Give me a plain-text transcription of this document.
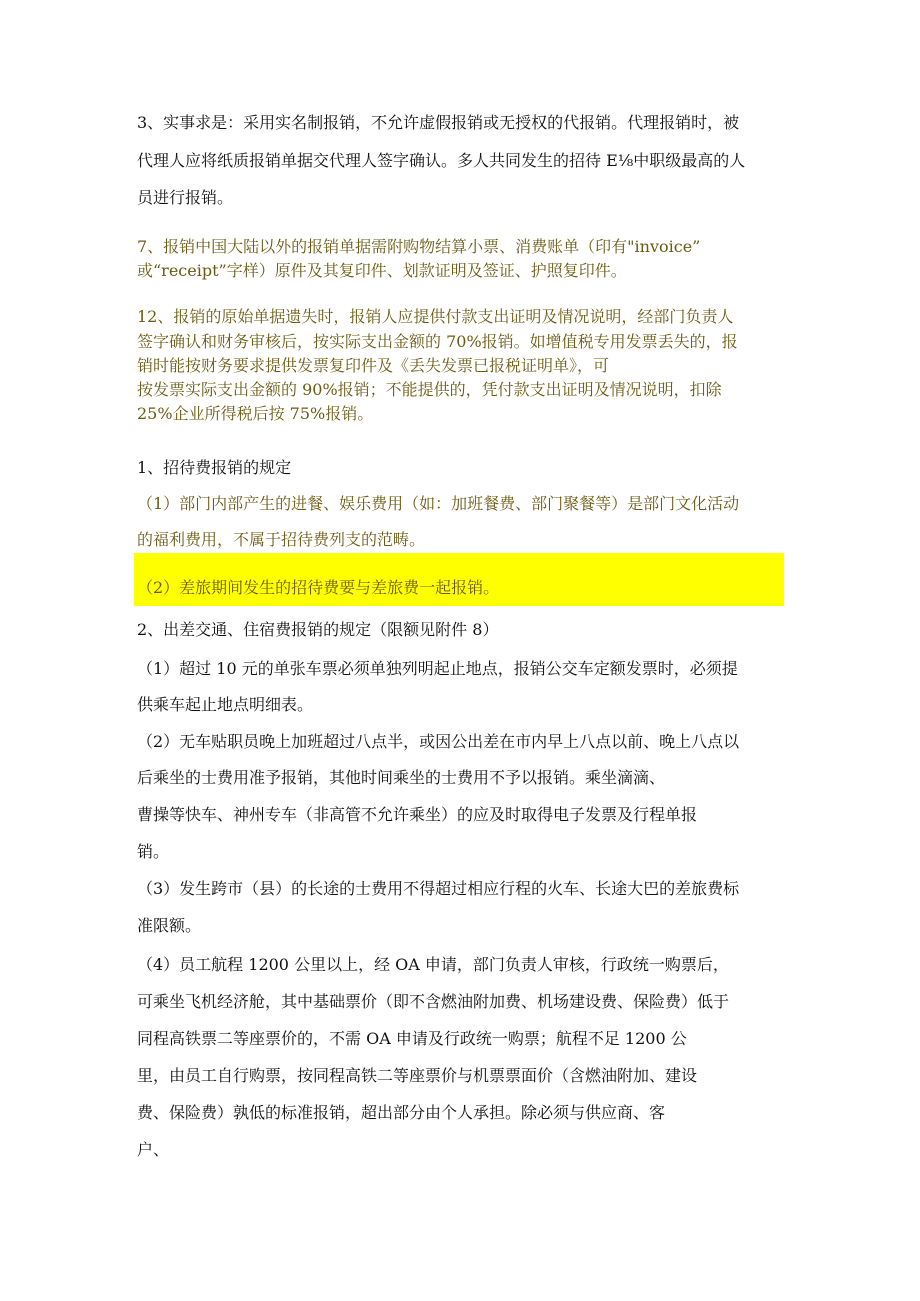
3、实事求是：采用实名制报销，不允许虚假报销或无授权的代报销。代理报销时，被

代理人应将纸质报销单据交代理人签字确认。多人共同发生的招待 E⅛中职级最高的人

员进行报销。

7、报销中国大陆以外的报销单据需附购物结算小票、消费账单（印有"invoice”

或“receipt”字样）原件及其复印件、划款证明及签证、护照复印件。

12、报销的原始单据遗失时，报销人应提供付款支出证明及情况说明，经部门负责人

签字确认和财务审核后，按实际支出金额的 70%报销。如增值税专用发票丢失的，报

销时能按财务要求提供发票复印件及《丢失发票已报税证明单》，可

按发票实际支出金额的 90%报销；不能提供的，凭付款支出证明及情况说明，扣除

25%企业所得税后按 75%报销。

1、招待费报销的规定

（1）部门内部产生的进餐、娱乐费用（如：加班餐费、部门聚餐等）是部门文化活动

的福利费用，不属于招待费列支的范畴。

（2）差旅期间发生的招待费要与差旅费一起报销。

2、出差交通、住宿费报销的规定（限额见附件 8）

（1）超过 10 元的单张车票必须单独列明起止地点，报销公交车定额发票时，必须提

供乘车起止地点明细表。

（2）无车贴职员晚上加班超过八点半，或因公出差在市内早上八点以前、晚上八点以

后乘坐的士费用准予报销，其他时间乘坐的士费用不予以报销。乘坐滴滴、

曹操等快车、神州专车（非高管不允许乘坐）的应及时取得电子发票及行程单报

销。

（3）发生跨市（县）的长途的士费用不得超过相应行程的火车、长途大巴的差旅费标

准限额。

（4）员工航程 1200 公里以上，经 OA 申请，部门负责人审核，行政统一购票后，

可乘坐飞机经济舱，其中基础票价（即不含燃油附加费、机场建设费、保险费）低于

同程高铁票二等座票价的，不需 OA 申请及行政统一购票；航程不足 1200 公

里，由员工自行购票，按同程高铁二等座票价与机票票面价（含燃油附加、建设

费、保险费）孰低的标准报销，超出部分由个人承担。除必须与供应商、客

户、
